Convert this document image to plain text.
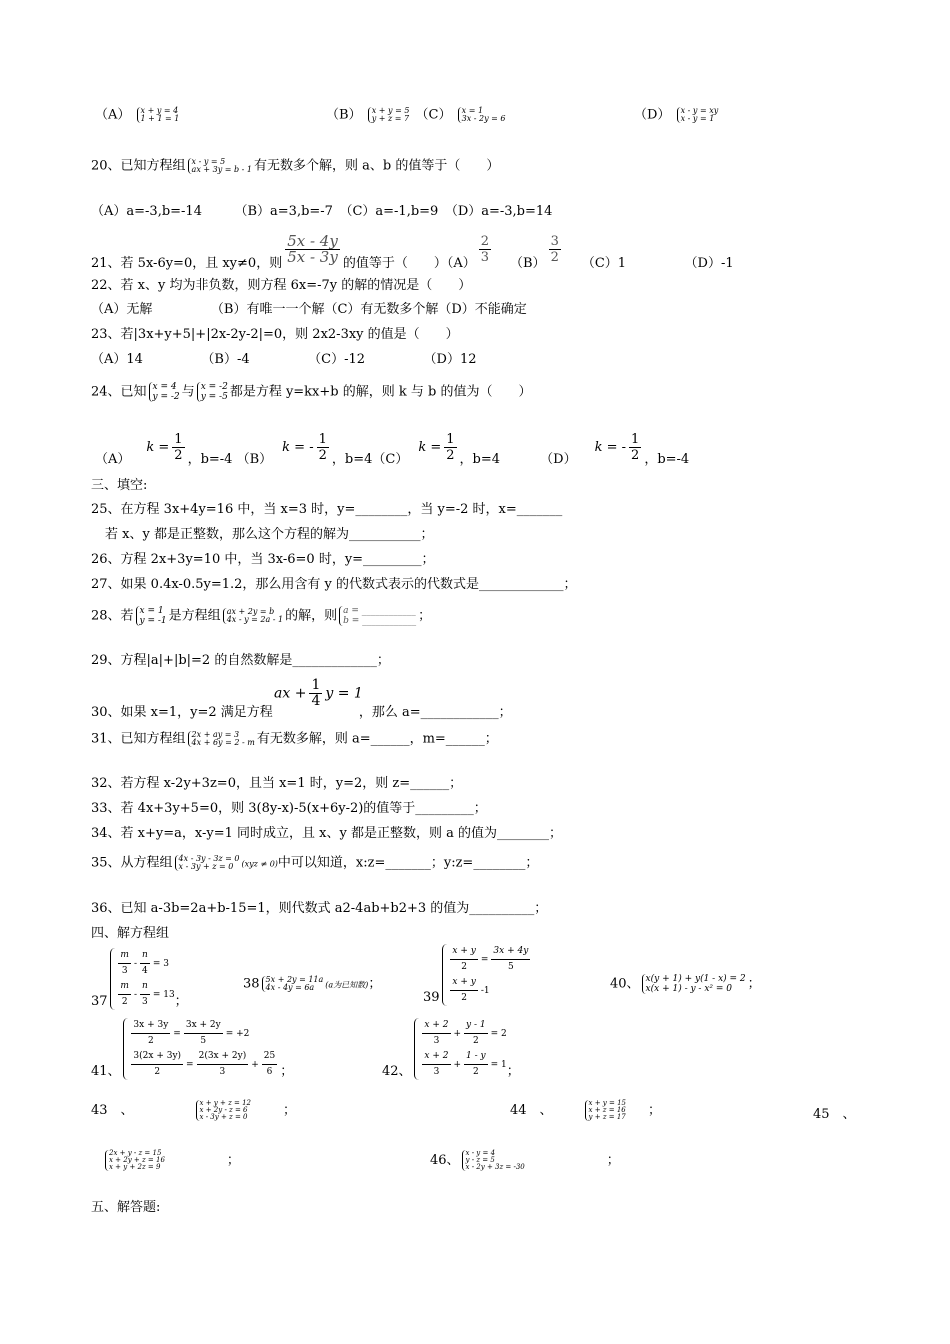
（A） x + y = 4
1 + 1 = 1	（B） x + y = 5
y + z = 7 （C） x = 1
3x - 2y = 6	（D） x - y = xy
x - y = 1
20、已知方程组 x - y = 5
ax + 3y = b - 1 有无数多个解，则 a、b 的值等于（　　）
（A）a=-3,b=-14　　　（B）a=3,b=-7　（C）a=-1,b=9　（D）a=-3,b=14
21、若 5x-6y=0，且 xy≠0，则 $\frac{5x - 4y}{5x - 3y}$ 的值等于（　　）$(A) \frac{2}{3} (B) \frac{3}{2} (C)1$　　　　　（D）-1
22、若 x、y 均为非负数，则方程 6x=-7y 的解的情况是（　　）
（A）无解　　　　　（B）有唯一一个解（C）有无数多个解（D）不能确定
23、若|3x+y+5|+|2x-2y-2|=0，则 2x2-3xy 的值是（　　）
（A）14　　　　　（B）-4　　　　　（C）-12　　　　　（D）12
24、已知 x = 4
y = -2 与 x = -2
y = -5 都是方程 y=kx+b 的解，则 k 与 b 的值为（　　）
$(A)k = \frac{1}{2}$ ，b=-4 （B）k = - $\frac{1}{2}$ ，$b=4(C)k = \frac{1}{2}$ ，b=4	（D）k = - $\frac{1}{2}$ ，b=-4
三、填空:
25、在方程 3x+4y=16 中，当 x=3 时，y=________，当 y=-2 时，x=_______
若 x、y 都是正整数，那么这个方程的解为___________；
26、方程 2x+3y=10 中，当 3x-6=0 时，y=_________；
27、如果 0.4x-0.5y=1.2，那么用含有 y 的代数式表示的代数式是_____________；
28、若 x = 1
y = -1 是方程组 ax + 2y = b
4x - y = 2a - 1 的解，则 a = ____________
b = ____________ ；
29、方程|a|+|b|=2 的自然数解是_____________；
ax + $\frac{1}{4}$ y = 1
30、如果 x=1，y=2 满足方程	，那么 a=____________；
31、已知方程组 2x + ay = 3
4x + 6y = 2 - m 有无数多解，则 a=______，m=______；
32、若方程 x-2y+3z=0，且当 x=1 时，y=2，则 z=______；
33、若 4x+3y+5=0，则 3(8y-x)-5(x+6y-2)的值等于_________；
34、若 x+y=a，x-y=1 同时成立，且 x、y 都是正整数，则 a 的值为________；
35、从方程组 4x - 3y - 3z = 0
x - 3y + z = 0	(xyz ≠ 0)中可以知道，x:z=_______；y:z=________；
36、已知 a-3b=2a+b-15=1，则代数式 a2-4ab+b2+3 的值为__________；
四、解方程组
37
$\frac{m}{3} - \frac{n}{4} = 3$
$\frac{m}{2} - \frac{n}{3} = 13$ ；
38 5x + 2y = 11a
4x - 4y = 6a	(a为已知数)；
39
$\frac{x + y}{2} = \frac{3x + 4y}{5}$
$\frac{x + y}{2} -1$	40、 x(y + 1) + y(1 - x) = 2
x(x + 1) - y - x² = 0	；
41、
$\frac{3x + 3y}{2} = \frac{3x + 2y}{5} = +2$
$\frac{3(2x + 3y)}{2} = \frac{2(3x + 2y)}{3} + \frac{25}{6}$ ；	42、
$\frac{x + 2}{3} + \frac{y - 1}{2} = 2$
$\frac{x + 2}{3} + \frac{1 - y}{2} = 1$ ；
43　、	x + y + z = 12
x + 2y - z = 6
x - 3y + z = 0	；	44　、	x + y = 15
x + z = 16
y + z = 17 ；	45　、
2x + y - z = 15
x + 2y + z = 16
x + y + 2z = 9	；	46、 x - y = 4
y - z = 5
x - 2y + 3z = -30	；
五、解答题:
